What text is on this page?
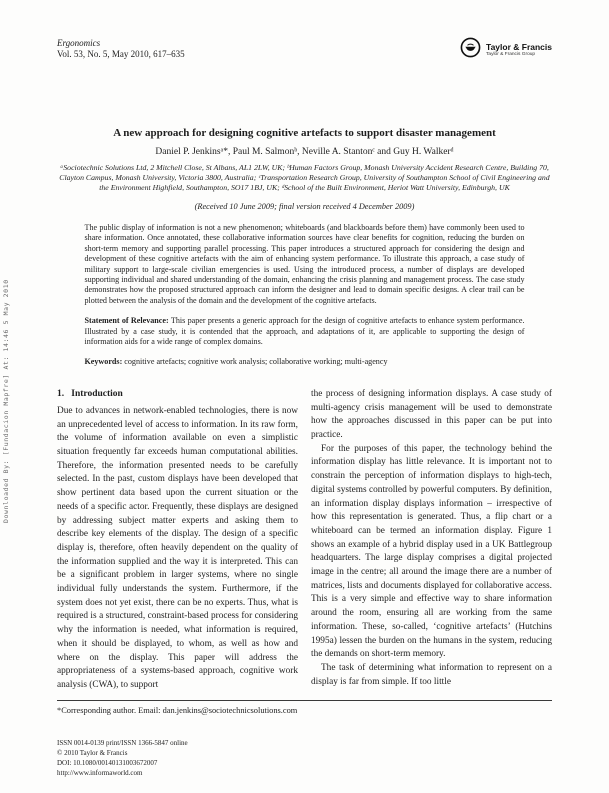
Downloaded By: [Fundacion Mapfre] At: 14:46 5 May 2010
Ergonomics
Vol. 53, No. 5, May 2010, 617–635
Taylor & Francis
Taylor & Francis Group
A new approach for designing cognitive artefacts to support disaster management
Daniel P. Jenkinsᵃ*, Paul M. Salmonᵇ, Neville A. Stantonᶜ and Guy H. Walkerᵈ
ᵃSociotechnic Solutions Ltd, 2 Mitchell Close, St Albans, AL1 2LW, UK; ᵇHuman Factors Group, Monash University Accident Research Centre, Building 70, Clayton Campus, Monash University, Victoria 3800, Australia; ᶜTransportation Research Group, University of Southampton School of Civil Engineering and the Environment Highfield, Southampton, SO17 1BJ, UK; ᵈSchool of the Built Environment, Heriot Watt University, Edinburgh, UK
(Received 10 June 2009; final version received 4 December 2009)
The public display of information is not a new phenomenon; whiteboards (and blackboards before them) have commonly been used to share information. Once annotated, these collaborative information sources have clear benefits for cognition, reducing the burden on short-term memory and supporting parallel processing. This paper introduces a structured approach for considering the design and development of these cognitive artefacts with the aim of enhancing system performance. To illustrate this approach, a case study of military support to large-scale civilian emergencies is used. Using the introduced process, a number of displays are developed supporting individual and shared understanding of the domain, enhancing the crisis planning and management process. The case study demonstrates how the proposed structured approach can inform the designer and lead to domain specific designs. A clear trail can be plotted between the analysis of the domain and the development of the cognitive artefacts.
Statement of Relevance: This paper presents a generic approach for the design of cognitive artefacts to enhance system performance. Illustrated by a case study, it is contended that the approach, and adaptations of it, are applicable to supporting the design of information aids for a wide range of complex domains.
Keywords: cognitive artefacts; cognitive work analysis; collaborative working; multi-agency
1.   Introduction

Due to advances in network-enabled technologies, there is now an unprecedented level of access to information. In its raw form, the volume of information available on even a simplistic situation frequently far exceeds human computational abilities. Therefore, the information presented needs to be carefully selected. In the past, custom displays have been developed that show pertinent data based upon the current situation or the needs of a specific actor. Frequently, these displays are designed by addressing subject matter experts and asking them to describe key elements of the display. The design of a specific display is, therefore, often heavily dependent on the quality of the information supplied and the way it is interpreted. This can be a significant problem in larger systems, where no single individual fully understands the system. Furthermore, if the system does not yet exist, there can be no experts. Thus, what is required is a structured, constraint-based process for considering why the information is needed, what information is required, when it should be displayed, to whom, as well as how and where on the display. This paper will address the appropriateness of a systems-based approach, cognitive work analysis (CWA), to support

the process of designing information displays. A case study of multi-agency crisis management will be used to demonstrate how the approaches discussed in this paper can be put into practice.

For the purposes of this paper, the technology behind the information display has little relevance. It is important not to constrain the perception of information displays to high-tech, digital systems controlled by powerful computers. By definition, an information display displays information – irrespective of how this representation is generated. Thus, a flip chart or a whiteboard can be termed an information display. Figure 1 shows an example of a hybrid display used in a UK Battlegroup headquarters. The large display comprises a digital projected image in the centre; all around the image there are a number of matrices, lists and documents displayed for collaborative access. This is a very simple and effective way to share information around the room, ensuring all are working from the same information. These, so-called, ‘cognitive artefacts’ (Hutchins 1995a) lessen the burden on the humans in the system, reducing the demands on short-term memory.

The task of determining what information to represent on a display is far from simple. If too little

*Corresponding author. Email: dan.jenkins@sociotechnicsolutions.com
ISSN 0014-0139 print/ISSN 1366-5847 online
© 2010 Taylor & Francis
DOI: 10.1080/00140131003672007
http://www.informaworld.com
